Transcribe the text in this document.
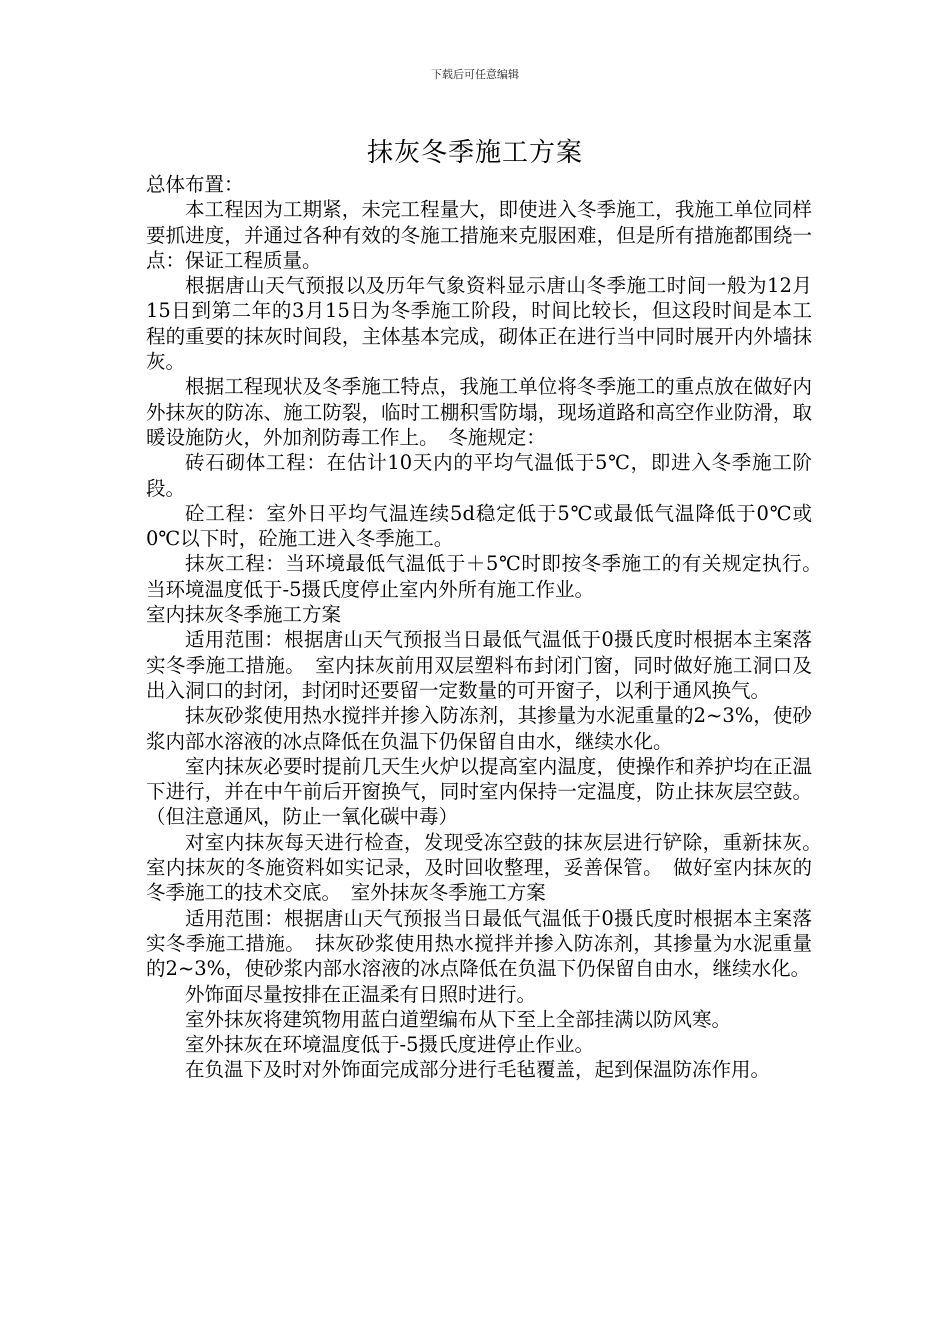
下载后可任意编辑
抹灰冬季施工方案

总体布置：

本工程因为工期紧，未完工程量大，即使进入冬季施工，我施工单位同样要抓进度，并通过各种有效的冬施工措施来克服困难，但是所有措施都围绕一点：保证工程质量。

根据唐山天气预报以及历年气象资料显示唐山冬季施工时间一般为12月15日到第二年的3月15日为冬季施工阶段，时间比较长，但这段时间是本工程的重要的抹灰时间段，主体基本完成，砌体正在进行当中同时展开内外墙抹灰。

根据工程现状及冬季施工特点，我施工单位将冬季施工的重点放在做好内外抹灰的防冻、施工防裂，临时工棚积雪防塌，现场道路和高空作业防滑，取暖设施防火，外加剂防毒工作上。　冬施规定：

砖石砌体工程：在估计10天内的平均气温低于5℃，即进入冬季施工阶段。

砼工程：室外日平均气温连续5d稳定低于5℃或最低气温降低于0℃或0℃以下时，砼施工进入冬季施工。

抹灰工程：当环境最低气温低于＋5℃时即按冬季施工的有关规定执行。　当环境温度低于-5摄氏度停止室内外所有施工作业。

室内抹灰冬季施工方案

适用范围：根据唐山天气预报当日最低气温低于0摄氏度时根据本主案落实冬季施工措施。　室内抹灰前用双层塑料布封闭门窗，同时做好施工洞口及出入洞口的封闭，封闭时还要留一定数量的可开窗子，以利于通风换气。

抹灰砂浆使用热水搅拌并掺入防冻剂，其掺量为水泥重量的2~3%，使砂浆内部水溶液的冰点降低在负温下仍保留自由水，继续水化。

室内抹灰必要时提前几天生火炉以提高室内温度，使操作和养护均在正温下进行，并在中午前后开窗换气，同时室内保持一定温度，防止抹灰层空鼓。（但注意通风，防止一氧化碳中毒）

对室内抹灰每天进行检查，发现受冻空鼓的抹灰层进行铲除，重新抹灰。　室内抹灰的冬施资料如实记录，及时回收整理，妥善保管。　做好室内抹灰的冬季施工的技术交底。　室外抹灰冬季施工方案

适用范围：根据唐山天气预报当日最低气温低于0摄氏度时根据本主案落实冬季施工措施。　抹灰砂浆使用热水搅拌并掺入防冻剂，其掺量为水泥重量的2~3%，使砂浆内部水溶液的冰点降低在负温下仍保留自由水，继续水化。

外饰面尽量按排在正温柔有日照时进行。

室外抹灰将建筑物用蓝白道塑编布从下至上全部挂满以防风寒。

室外抹灰在环境温度低于-5摄氏度进停止作业。

在负温下及时对外饰面完成部分进行毛毡覆盖，起到保温防冻作用。
